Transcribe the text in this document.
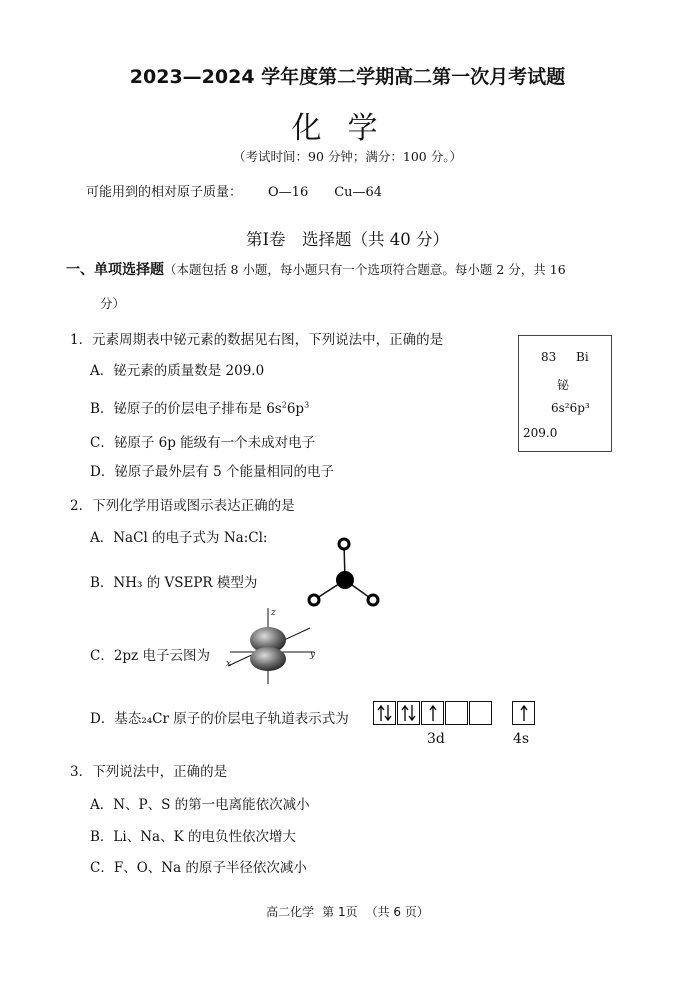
2023—2024 学年度第二学期高二第一次月考试题
化学
（考试时间：90 分钟；满分：100 分。）
可能用到的相对原子质量： O—16 Cu—64
第Ⅰ卷　选择题（共 40 分）
一、单项选择题（本题包括 8 小题，每小题只有一个选项符合题意。每小题 2 分，共 16
分）
1．元素周期表中铋元素的数据见右图，下列说法中，正确的是
A．铋元素的质量数是 209.0
B．铋原子的价层电子排布是 $6s^26p^3$
C．铋原子 6p 能级有一个未成对电子
D．铋原子最外层有 5 个能量相同的电子
83 Bi
铋
6s²6p³
209.0
2．下列化学用语或图示表达正确的是
A．NaCl 的电子式为 Na:Cl:
B．NH₃ 的 VSEPR 模型为
C．2pz 电子云图为
z
y
x
D．基态₂₄Cr 原子的价层电子轨道表示式为
3d	4s
3．下列说法中，正确的是
A．N、P、S 的第一电离能依次减小
B．Li、Na、K 的电负性依次增大
C．F、O、Na 的原子半径依次减小
高二化学 第 1页 （共 6 页）
